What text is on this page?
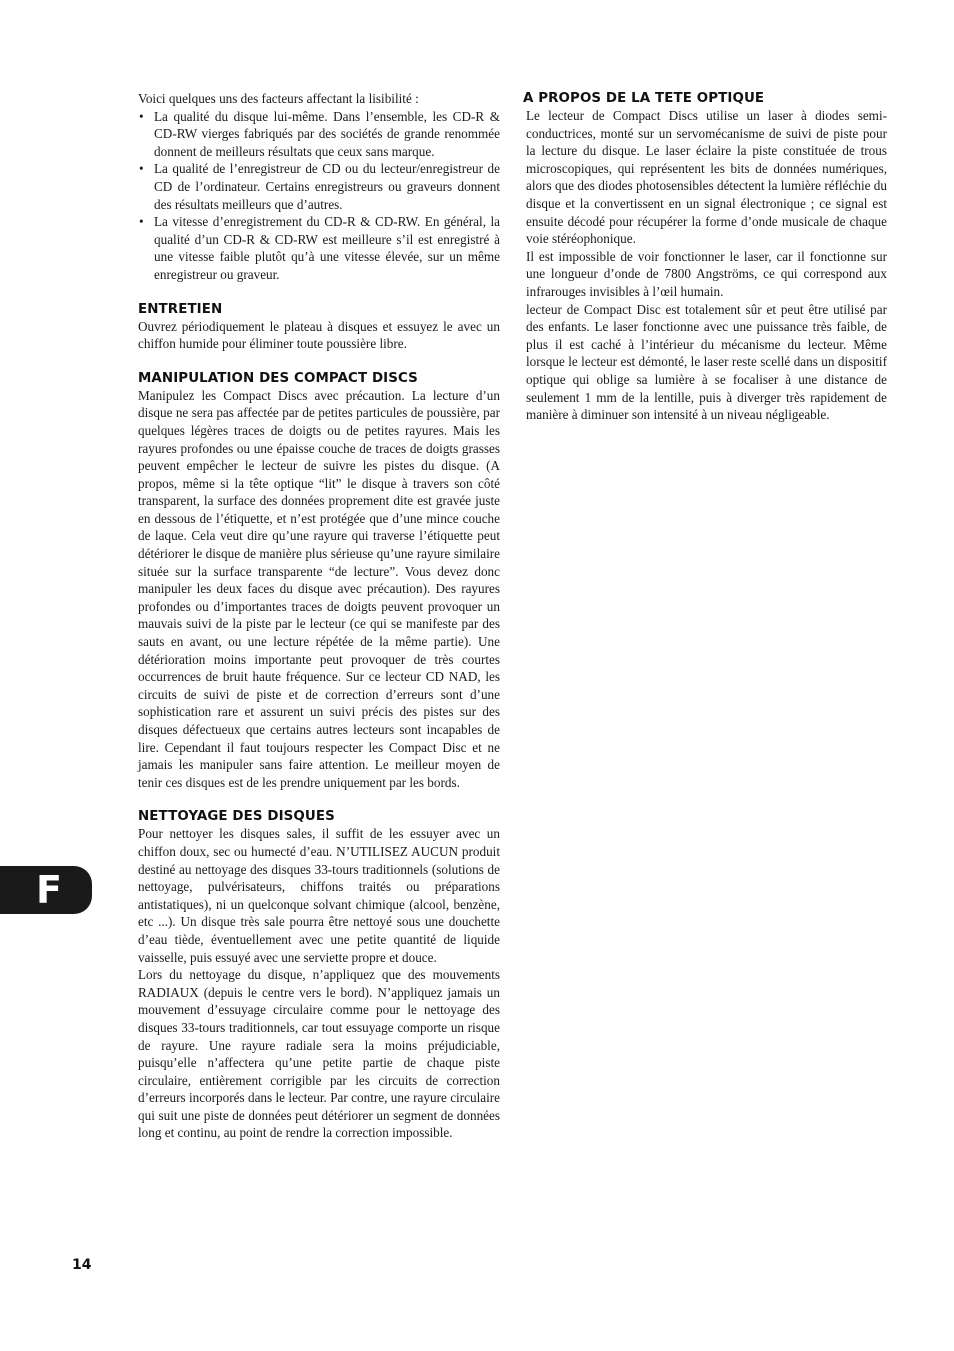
Voici quelques uns des facteurs affectant la lisibilité :

• La qualité du disque lui-même. Dans l’ensemble, les CD-R & CD-RW vierges fabriqués par des sociétés de grande renommée donnent de meilleurs résultats que ceux sans marque.
• La qualité de l’enregistreur de CD ou du lecteur/enregistreur de CD de l’ordinateur. Certains enregistreurs ou graveurs donnent des résultats meilleurs que d’autres.
• La vitesse d’enregistrement du CD-R & CD-RW. En général, la qualité d’un CD-R & CD-RW est meilleure s’il est enregistré à une vitesse faible plutôt qu’à une vitesse élevée, sur un même enregistreur ou graveur.
ENTRETIEN

Ouvrez périodiquement le plateau à disques et essuyez le avec un chiffon humide pour éliminer toute poussière libre.

MANIPULATION DES COMPACT DISCS

Manipulez les Compact Discs avec précaution. La lecture d’un disque ne sera pas affectée par de petites particules de poussière, par quelques légères traces de doigts ou de petites rayures. Mais les rayures profondes ou une épaisse couche de traces de doigts grasses peuvent empêcher le lecteur de suivre les pistes du disque. (A propos, même si la tête optique “lit” le disque à travers son côté transparent, la surface des données proprement dite est gravée juste en dessous de l’étiquette, et n’est protégée que d’une mince couche de laque. Cela veut dire qu’une rayure qui traverse l’étiquette peut détériorer le disque de manière plus sérieuse qu’une rayure similaire située sur la surface transparente “de lecture”. Vous devez donc manipuler les deux faces du disque avec précaution). Des rayures profondes ou d’importantes traces de doigts peuvent provoquer un mauvais suivi de la piste par le lecteur (ce qui se manifeste par des sauts en avant, ou une lecture répétée de la même partie). Une détérioration moins importante peut provoquer de très courtes occurrences de bruit haute fréquence. Sur ce lecteur CD NAD, les circuits de suivi de piste et de correction d’erreurs sont d’une sophistication rare et assurent un suivi précis des pistes sur des disques défectueux que certains autres lecteurs sont incapables de lire. Cependant il faut toujours respecter les Compact Disc et ne jamais les manipuler sans faire attention. Le meilleur moyen de tenir ces disques est de les prendre uniquement par les bords.

NETTOYAGE DES DISQUES

Pour nettoyer les disques sales, il suffit de les essuyer avec un chiffon doux, sec ou humecté d’eau. N’UTILISEZ AUCUN produit destiné au nettoyage des disques 33-tours traditionnels (solutions de nettoyage, pulvérisateurs, chiffons traités ou préparations antistatiques), ni un quelconque solvant chimique (alcool, benzène, etc ...). Un disque très sale pourra être nettoyé sous une douchette d’eau tiède, éventuellement avec une petite quantité de liquide vaisselle, puis essuyé avec une serviette propre et douce.

Lors du nettoyage du disque, n’appliquez que des mouvements RADIAUX (depuis le centre vers le bord). N’appliquez jamais un mouvement d’essuyage circulaire comme pour le nettoyage des disques 33-tours traditionnels, car tout essuyage comporte un risque de rayure. Une rayure radiale sera la moins préjudiciable, puisqu’elle n’affectera qu’une petite partie de chaque piste circulaire, entièrement corrigible par les circuits de correction d’erreurs incorporés dans le lecteur. Par contre, une rayure circulaire qui suit une piste de données peut détériorer un segment de données long et continu, au point de rendre la correction impossible.

A PROPOS DE LA TETE OPTIQUE

Le lecteur de Compact Discs utilise un laser à diodes semi-conductrices, monté sur un servomécanisme de suivi de piste pour la lecture du disque. Le laser éclaire la piste constituée de trous microscopiques, qui représentent les bits de données numériques, alors que des diodes photosensibles détectent la lumière réfléchie du disque et la convertissent en un signal électronique ; ce signal est ensuite décodé pour récupérer la forme d’onde musicale de chaque voie stéréophonique.

Il est impossible de voir fonctionner le laser, car il fonctionne sur une longueur d’onde de 7800 Angströms, ce qui correspond aux infrarouges invisibles à l’œil humain.

lecteur de Compact Disc est totalement sûr et peut être utilisé par des enfants. Le laser fonctionne avec une puissance très faible, de plus il est caché à l’intérieur du mécanisme du lecteur. Même lorsque le lecteur est démonté, le laser reste scellé dans un dispositif optique qui oblige sa lumière à se focaliser à une distance de seulement 1 mm de la lentille, puis à diverger très rapidement de manière à diminuer son intensité à un niveau négligeable.

F
14
